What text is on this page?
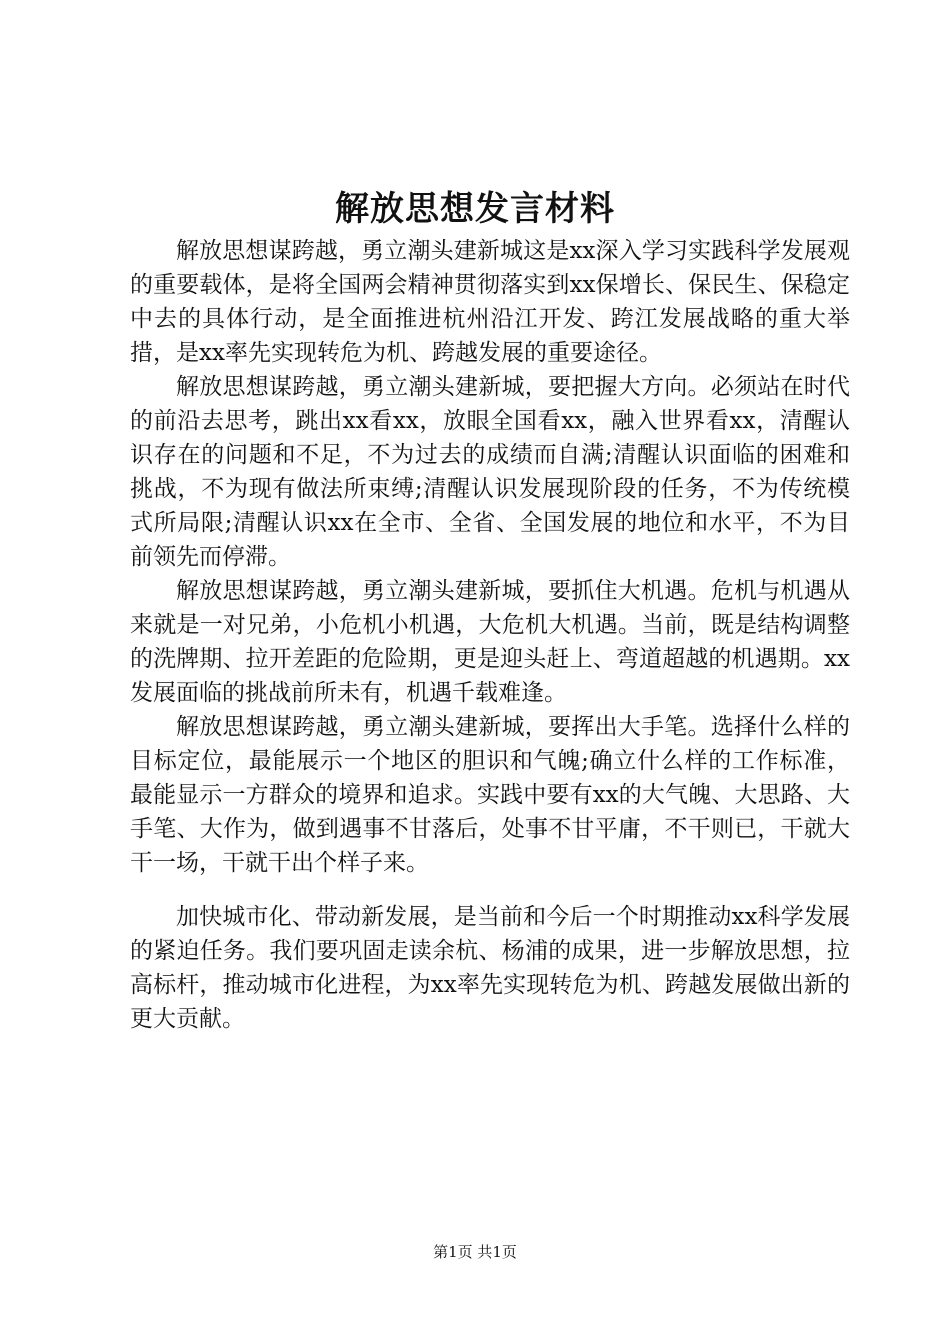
解放思想发言材料

解放思想谋跨越，勇立潮头建新城这是xx深入学习实践科学发展观的重要载体，是将全国两会精神贯彻落实到xx保增长、保民生、保稳定中去的具体行动，是全面推进杭州沿江开发、跨江发展战略的重大举措，是xx率先实现转危为机、跨越发展的重要途径。

解放思想谋跨越，勇立潮头建新城，要把握大方向。必须站在时代的前沿去思考，跳出xx看xx，放眼全国看xx，融入世界看xx，清醒认识存在的问题和不足，不为过去的成绩而自满;清醒认识面临的困难和挑战，不为现有做法所束缚;清醒认识发展现阶段的任务，不为传统模式所局限;清醒认识xx在全市、全省、全国发展的地位和水平，不为目前领先而停滞。

解放思想谋跨越，勇立潮头建新城，要抓住大机遇。危机与机遇从来就是一对兄弟，小危机小机遇，大危机大机遇。当前，既是结构调整的洗牌期、拉开差距的危险期，更是迎头赶上、弯道超越的机遇期。xx发展面临的挑战前所未有，机遇千载难逢。

解放思想谋跨越，勇立潮头建新城，要挥出大手笔。选择什么样的目标定位，最能展示一个地区的胆识和气魄;确立什么样的工作标准，最能显示一方群众的境界和追求。实践中要有xx的大气魄、大思路、大手笔、大作为，做到遇事不甘落后，处事不甘平庸，不干则已，干就大干一场，干就干出个样子来。

加快城市化、带动新发展，是当前和今后一个时期推动xx科学发展的紧迫任务。我们要巩固走读余杭、杨浦的成果，进一步解放思想，拉高标杆，推动城市化进程，为xx率先实现转危为机、跨越发展做出新的更大贡献。

第1页 共1页
